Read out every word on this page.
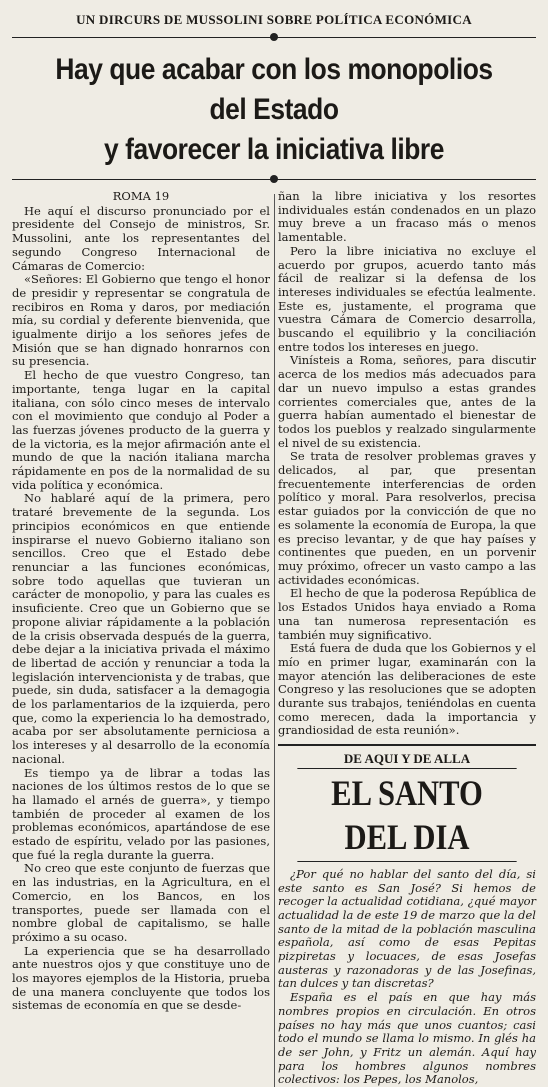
UN DIRCURS DE MUSSOLINI SOBRE POLÍTICA ECONÓMICA
Hay que acabar con los monopolios del Estado
y favorecer la iniciativa libre

ROMA 19

He aquí el discurso pronunciado por el presidente del Consejo de ministros, Sr. Mussolini, ante los representantes del segundo Congreso Internacional de Cámaras de Comercio:

«Señores: El Gobierno que tengo el honor de presidir y representar se congratula de recibiros en Roma y daros, por mediación mía, su cordial y deferente bienvenida, que igualmente dirijo a los señores jefes de Misión que se han dignado honrarnos con su presencia.

El hecho de que vuestro Congreso, tan importante, tenga lugar en la capital italiana, con sólo cinco meses de intervalo con el movimiento que condujo al Poder a las fuerzas jóvenes producto de la guerra y de la victoria, es la mejor afirmación ante el mundo de que la nación italiana marcha rápidamente en pos de la normalidad de su vida política y económica.

No hablaré aquí de la primera, pero trataré brevemente de la segunda. Los principios económicos en que entiende inspirarse el nuevo Gobierno italiano son sencillos. Creo que el Estado debe renunciar a las funciones económicas, sobre todo aquellas que tuvieran un carácter de monopolio, y para las cuales es insuficiente. Creo que un Gobierno que se propone aliviar rápidamente a la población de la crisis observada después de la guerra, debe dejar a la iniciativa privada el máximo de libertad de acción y renunciar a toda la legislación intervencionista y de trabas, que puede, sin duda, satisfacer a la demagogia de los parlamentarios de la izquierda, pero que, como la experiencia lo ha demostrado, acaba por ser absolutamente perniciosa a los intereses y al desarrollo de la economía nacional.

Es tiempo ya de librar a todas las naciones de los últimos restos de lo que se ha llamado el arnés de guerra», y tiempo también de proceder al examen de los problemas económicos, apartándose de ese estado de espíritu, velado por las pasiones, que fué la regla durante la guerra.

No creo que este conjunto de fuerzas que en las industrias, en la Agricultura, en el Comercio, en los Bancos, en los transportes, puede ser llamada con el nombre global de capitalismo, se halle próximo a su ocaso.

La experiencia que se ha desarrollado ante nuestros ojos y que constituye uno de los mayores ejemplos de la Historia, prueba de una manera concluyente que todos los sistemas de economía en que se desde-

ñan la libre iniciativa y los resortes individuales están condenados en un plazo muy breve a un fracaso más o menos lamentable.

Pero la libre iniciativa no excluye el acuerdo por grupos, acuerdo tanto más fácil de realizar si la defensa de los intereses individuales se efectúa lealmente. Este es, justamente, el programa que vuestra Cámara de Comercio desarrolla, buscando el equilibrio y la conciliación entre todos los intereses en juego.

Vinísteis a Roma, señores, para discutir acerca de los medios más adecuados para dar un nuevo impulso a estas grandes corrientes comerciales que, antes de la guerra habían aumentado el bienestar de todos los pueblos y realzado singularmente el nivel de su existencia.

Se trata de resolver problemas graves y delicados, al par, que presentan frecuentemente interferencias de orden político y moral. Para resolverlos, precisa estar guiados por la convicción de que no es solamente la economía de Europa, la que es preciso levantar, y de que hay países y continentes que pueden, en un porvenir muy próximo, ofrecer un vasto campo a las actividades económicas.

El hecho de que la poderosa República de los Estados Unidos haya enviado a Roma una tan numerosa representación es también muy significativo.

Está fuera de duda que los Gobiernos y el mío en primer lugar, examinarán con la mayor atención las deliberaciones de este Congreso y las resoluciones que se adopten durante sus trabajos, teniéndolas en cuenta como merecen, dada la importancia y grandiosidad de esta reunión».

DE AQUI Y DE ALLA
EL SANTO DEL DIA

¿Por qué no hablar del santo del día, si este santo es San José? Si hemos de recoger la actualidad cotidiana, ¿qué mayor actualidad la de este 19 de marzo que la del santo de la mitad de la población masculina española, así como de esas Pepitas pizpiretas y locuaces, de esas Josefas austeras y razonadoras y de las Josefinas, tan dulces y tan discretas?

España es el país en que hay más nombres propios en circulación. En otros países no hay más que unos cuantos; casi todo el mundo se llama lo mismo. In glés ha de ser John, y Fritz un alemán. Aquí hay para los hombres algunos nombres colectivos: los Pepes, los Manolos,
